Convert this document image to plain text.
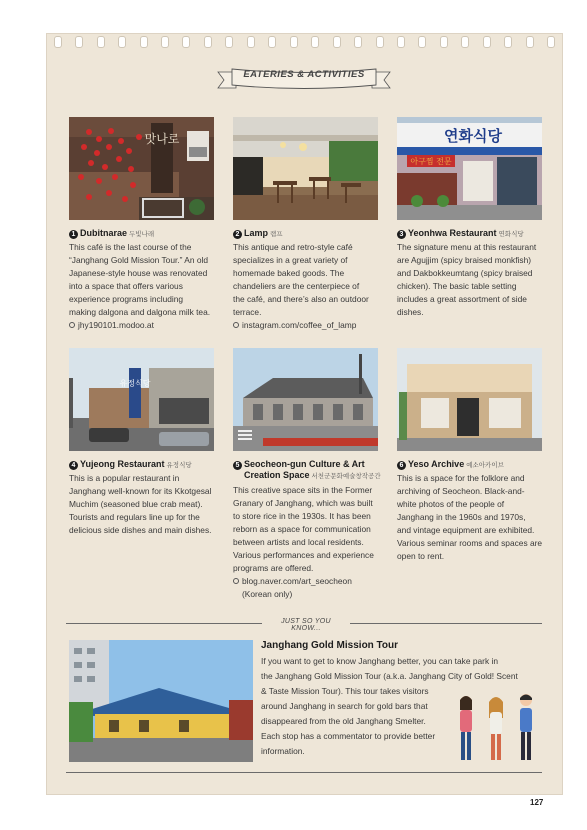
EATERIES & ACTIVITIES
맛나로	연화식당
아구찜 전문
1 Dubitnarae 두빛나래
This café is the last course of the
“Janghang Gold Mission Tour.” An old
Japanese-style house was renovated
into a space that offers various
experience programs including
making dalgona and dalgona milk tea.
jhy190101.modoo.at
2 Lamp 램프
This antique and retro-style café
specializes in a great variety of
homemade baked goods. The
chandeliers are the centerpiece of
the café, and there’s also an outdoor
terrace.
instagram.com/coffee_of_lamp
3 Yeonhwa Restaurant 연화식당
The signature menu at this restaurant
are Agujjim (spicy braised monkfish)
and Dakbokkeumtang (spicy braised
chicken). The basic table setting
includes a great assortment of side
dishes.
유정식당
4 Yujeong Restaurant 유정식당
This is a popular restaurant in
Janghang well-known for its Kkotgesal
Muchim (seasoned blue crab meat).
Tourists and regulars line up for the
delicious side dishes and main dishes.
5 Seocheon-gun Culture & Art
Creation Space 서천군문화예술창작공간
This creative space sits in the Former
Granary of Janghang, which was built
to store rice in the 1930s. It has been
reborn as a space for communication
between artists and local residents.
Various performances and experience
programs are offered.
blog.naver.com/art_seocheon
(Korean only)
6 Yeso Archive 예소아카이브
This is a space for the folklore and
archiving of Seocheon. Black-and-
white photos of the people of
Janghang in the 1960s and 1970s,
and vintage equipment are exhibited.
Various seminar rooms and spaces are
open to rent.
JUST SO YOU KNOW...
Janghang Gold Mission Tour
If you want to get to know Janghang better, you can take park in
the Janghang Gold Mission Tour (a.k.a. Janghang City of Gold! Scent
& Taste Mission Tour). This tour takes visitors
around Janghang in search for gold bars that
disappeared from the old Janghang Smelter.
Each stop has a commentator to provide better
information.
127
